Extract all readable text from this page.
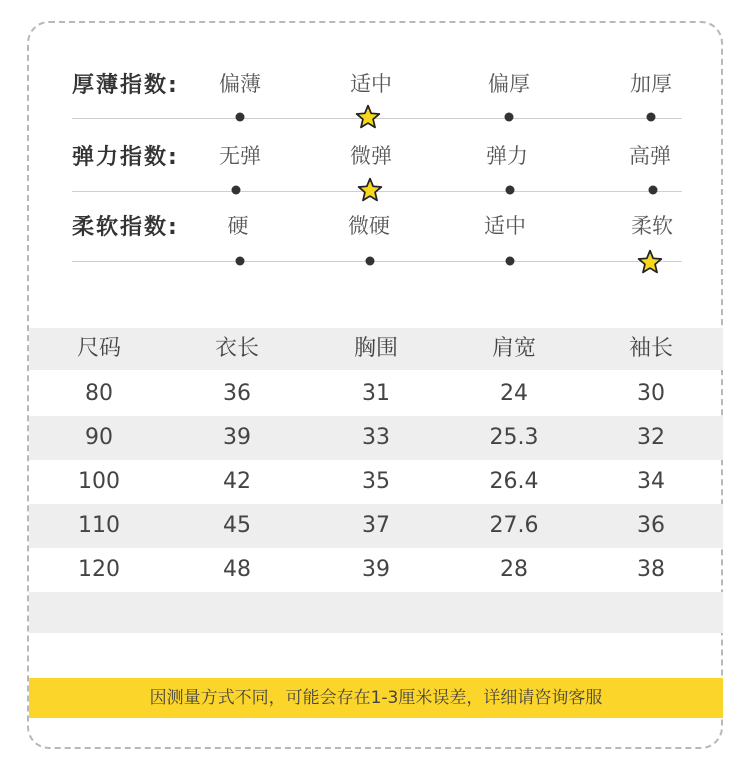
厚薄指数: 偏薄	适中	偏厚	加厚
弹力指数: 无弹	微弹	弹力	高弹
柔软指数: 硬	微硬	适中	柔软
尺码	衣长	胸围	肩宽	袖长
80	36	31	24	30
90	39	33	25.3	32
100	42	35	26.4	34
110	45	37	27.6	36
120	48	39	28	38
因测量方式不同，可能会存在1-3厘米误差，详细请咨询客服
